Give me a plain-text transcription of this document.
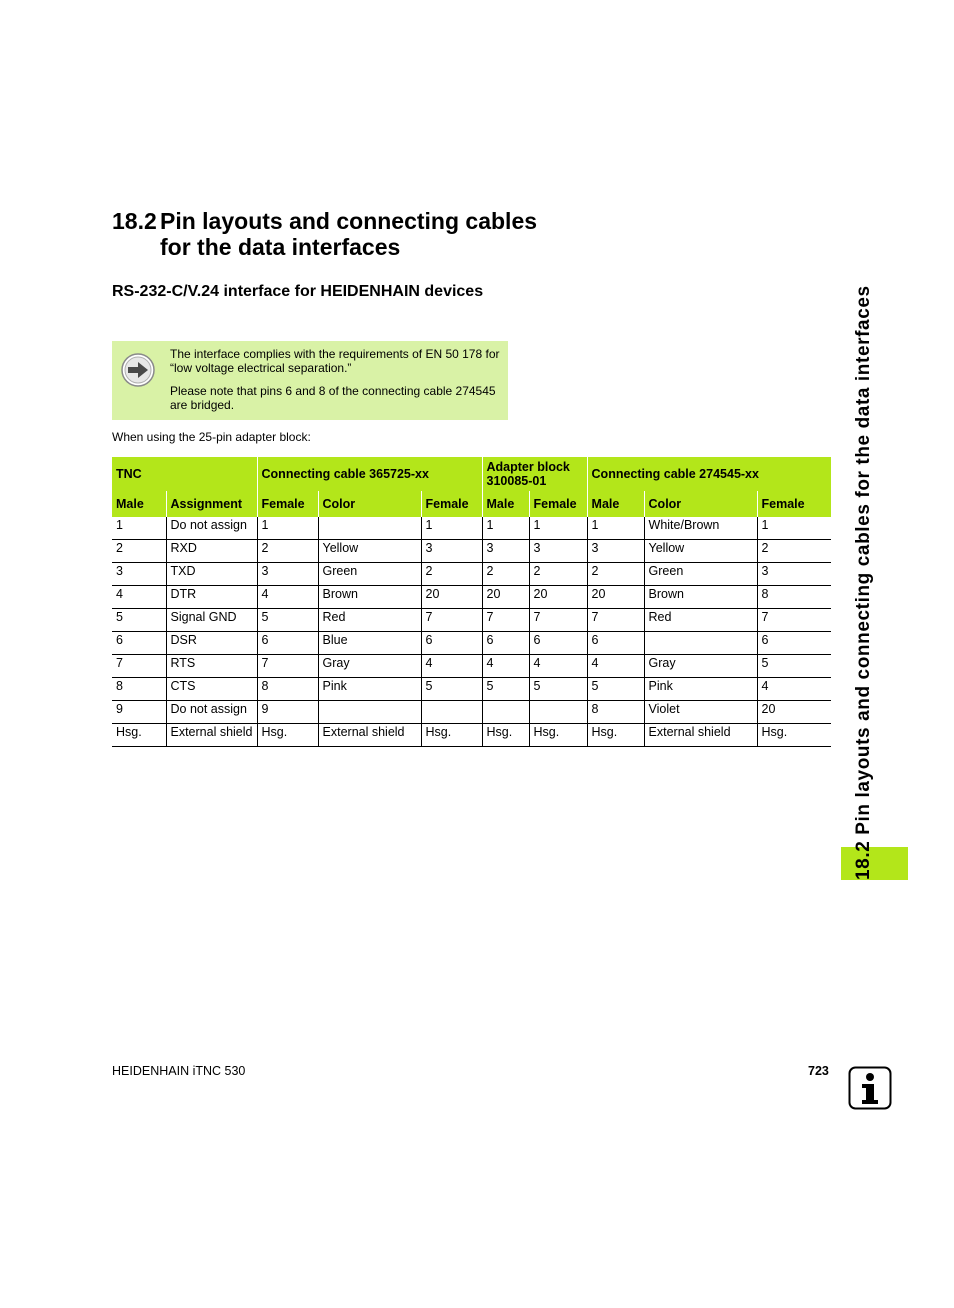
18.2 Pin layouts and connecting cables for the data interfaces
RS-232-C/V.24 interface for HEIDENHAIN devices

The interface complies with the requirements of EN 50 178 for “low voltage electrical separation.”

Please note that pins 6 and 8 of the connecting cable 274545 are bridged.

When using the 25-pin adapter block:
TNC		Connecting cable 365725-xx			Adapter block 310085-01		Connecting cable 274545-xx		
Male	Assignment	Female	Color	Female	Male	Female	Male	Color	Female
1	Do not assign	1		1	1	1	1	White/Brown	1
2	RXD	2	Yellow	3	3	3	3	Yellow	2
3	TXD	3	Green	2	2	2	2	Green	3
4	DTR	4	Brown	20	20	20	20	Brown	8
5	Signal GND	5	Red	7	7	7	7	Red	7
6	DSR	6	Blue	6	6	6	6		6
7	RTS	7	Gray	4	4	4	4	Gray	5
8	CTS	8	Pink	5	5	5	5	Pink	4
9	Do not assign	9					8	Violet	20
Hsg.	External shield	Hsg.	External shield	Hsg.	Hsg.	Hsg.	Hsg.	External shield	Hsg.	18.2 Pin layouts and connecting cables for the data interfaces
HEIDENHAIN iTNC 530	723
